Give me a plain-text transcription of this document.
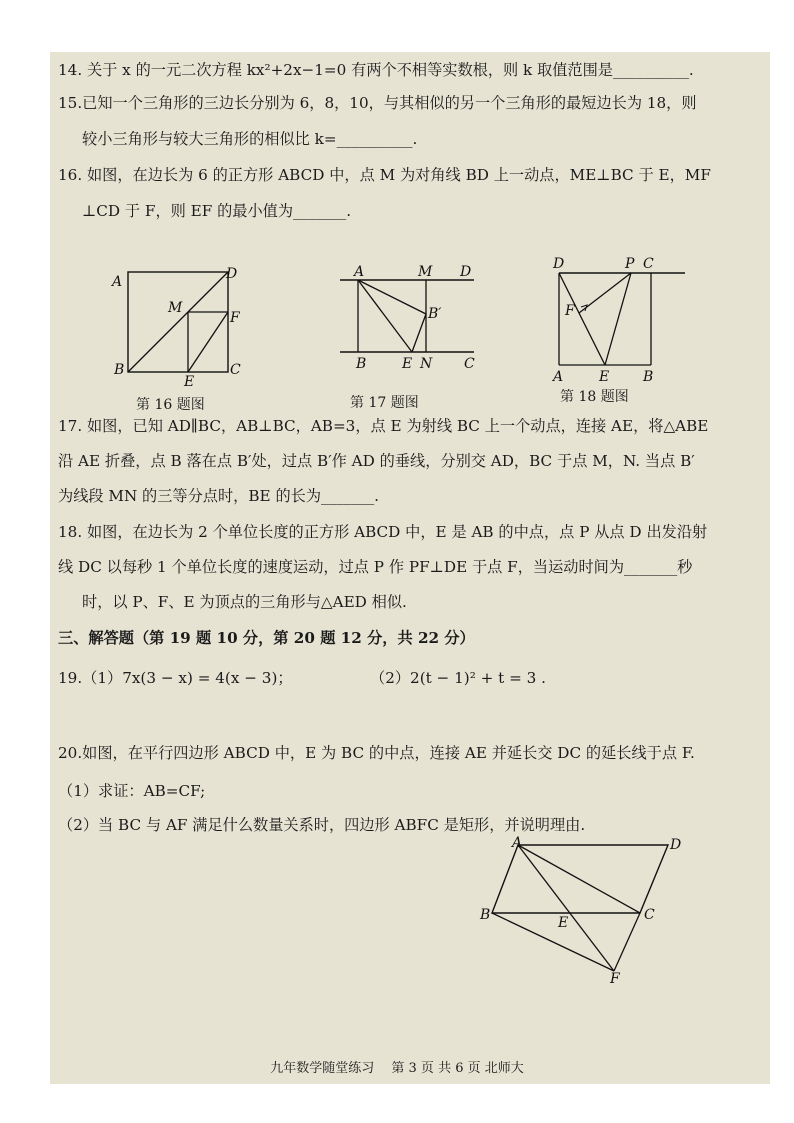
14. 关于 x 的一元二次方程 kx²+2x−1=0 有两个不相等实数根，则 k 取值范围是__________.
15.已知一个三角形的三边长分别为 6，8，10，与其相似的另一个三角形的最短边长为 18，则
较小三角形与较大三角形的相似比 k=__________.
16. 如图，在边长为 6 的正方形 ABCD 中，点 M 为对角线 BD 上一动点，ME⊥BC 于 E，MF
⊥CD 于 F，则 EF 的最小值为_______.
A	D
M
F
B
E
C
A	M D
B′
B	E N C
D	P C
F
A	E B
第 16 题图	第 17 题图	第 18 题图
17. 如图，已知 AD∥BC，AB⊥BC，AB=3，点 E 为射线 BC 上一个动点，连接 AE，将△ABE
沿 AE 折叠，点 B 落在点 B′处，过点 B′作 AD 的垂线，分别交 AD，BC 于点 M，N. 当点 B′
为线段 MN 的三等分点时，BE 的长为_______.
18. 如图，在边长为 2 个单位长度的正方形 ABCD 中，E 是 AB 的中点，点 P 从点 D 出发沿射
线 DC 以每秒 1 个单位长度的速度运动，过点 P 作 PF⊥DE 于点 F，当运动时间为_______秒
时，以 P、F、E 为顶点的三角形与△AED 相似.
三、解答题（第 19 题 10 分，第 20 题 12 分，共 22 分）
19.（1）7x(3 − x) = 4(x − 3)；	（2）2(t − 1)² + t = 3 .
20.如图，在平行四边形 ABCD 中，E 为 BC 的中点，连接 AE 并延长交 DC 的延长线于点 F.
（1）求证：AB=CF;
（2）当 BC 与 AF 满足什么数量关系时，四边形 ABFC 是矩形，并说明理由.
A	D
B	E	C
F
九年数学随堂练习　 第 3 页 共 6 页 北师大
